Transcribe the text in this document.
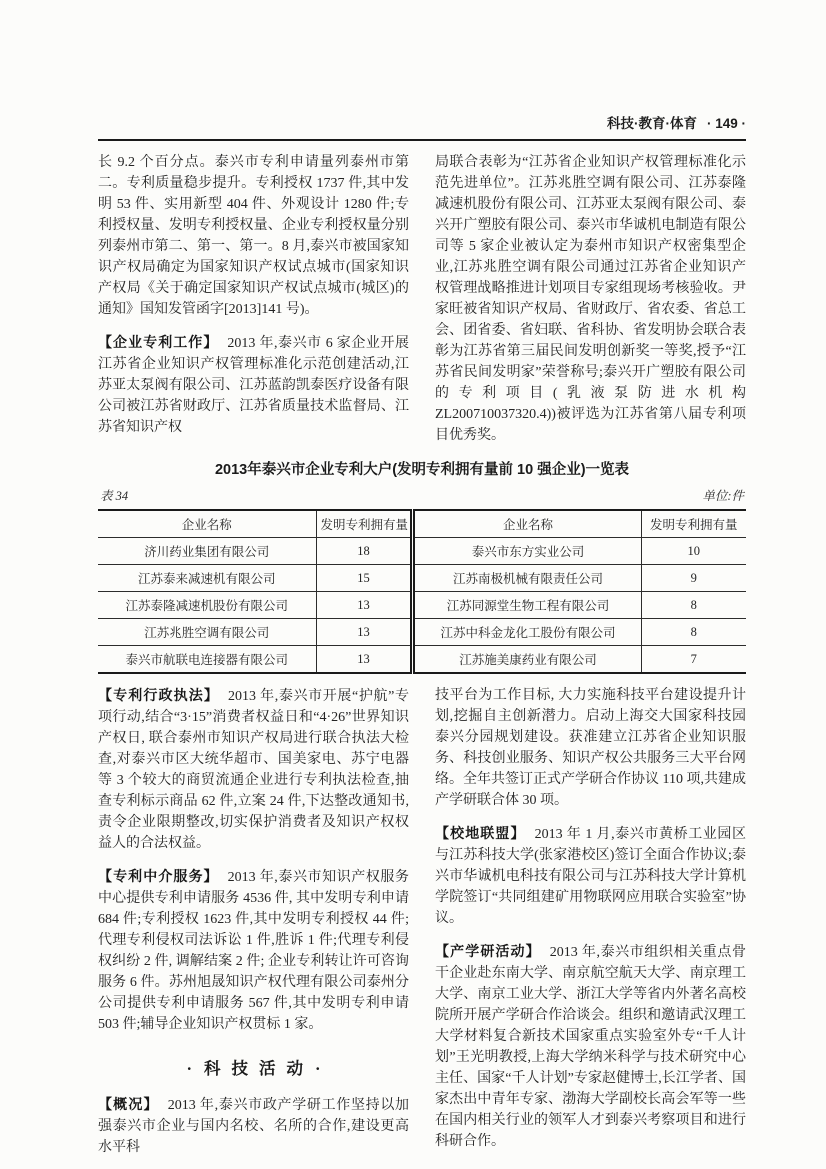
科技·教育·体育 · 149 ·

长 9.2 个百分点。泰兴市专利申请量列泰州市第二。专利质量稳步提升。专利授权 1737 件,其中发明 53 件、实用新型 404 件、外观设计 1280 件;专利授权量、发明专利授权量、企业专利授权量分别列泰州市第二、第一、第一。8 月,泰兴市被国家知识产权局确定为国家知识产权试点城市(国家知识产权局《关于确定国家知识产权试点城市(城区)的通知》国知发管函字[2013]141 号)。

【企业专利工作】 2013 年,泰兴市 6 家企业开展江苏省企业知识产权管理标准化示范创建活动,江苏亚太泵阀有限公司、江苏蓝韵凯泰医疗设备有限公司被江苏省财政厅、江苏省质量技术监督局、江苏省知识产权

局联合表彰为“江苏省企业知识产权管理标准化示范先进单位”。江苏兆胜空调有限公司、江苏泰隆减速机股份有限公司、江苏亚太泵阀有限公司、泰兴开广塑胶有限公司、泰兴市华诚机电制造有限公司等 5 家企业被认定为泰州市知识产权密集型企业,江苏兆胜空调有限公司通过江苏省企业知识产权管理战略推进计划项目专家组现场考核验收。尹家旺被省知识产权局、省财政厅、省农委、省总工会、团省委、省妇联、省科协、省发明协会联合表彰为江苏省第三届民间发明创新奖一等奖,授予“江苏省民间发明家”荣誉称号;泰兴开广塑胶有限公司的专利项目(乳液泵防进水机构 ZL200710037320.4))被评选为江苏省第八届专利项目优秀奖。

2013年泰兴市企业专利大户(发明专利拥有量前 10 强企业)一览表
表 34	单位:件
企业名称	发明专利拥有量	企业名称	发明专利拥有量
济川药业集团有限公司	18	泰兴市东方实业公司	10
江苏泰来减速机有限公司	15	江苏南极机械有限责任公司	9
江苏泰隆减速机股份有限公司	13	江苏同源堂生物工程有限公司	8
江苏兆胜空调有限公司	13	江苏中科金龙化工股份有限公司	8
泰兴市航联电连接器有限公司	13	江苏施美康药业有限公司	7

【专利行政执法】 2013 年,泰兴市开展“护航”专项行动,结合“3·15”消费者权益日和“4·26”世界知识产权日, 联合泰州市知识产权局进行联合执法大检查,对泰兴市区大统华超市、国美家电、苏宁电器等 3 个较大的商贸流通企业进行专利执法检查,抽查专利标示商品 62 件,立案 24 件,下达整改通知书,责令企业限期整改,切实保护消费者及知识产权权益人的合法权益。

【专利中介服务】 2013 年,泰兴市知识产权服务中心提供专利申请服务 4536 件, 其中发明专利申请 684 件;专利授权 1623 件,其中发明专利授权 44 件;代理专利侵权司法诉讼 1 件,胜诉 1 件;代理专利侵权纠纷 2 件, 调解结案 2 件; 企业专利转让许可咨询服务 6 件。苏州旭晟知识产权代理有限公司泰州分公司提供专利申请服务 567 件,其中发明专利申请 503 件;辅导企业知识产权贯标 1 家。

· 科技活动·

【概况】 2013 年,泰兴市政产学研工作坚持以加强泰兴市企业与国内名校、名所的合作,建设更高水平科

技平台为工作目标, 大力实施科技平台建设提升计划,挖掘自主创新潜力。启动上海交大国家科技园泰兴分园规划建设。获准建立江苏省企业知识服务、科技创业服务、知识产权公共服务三大平台网络。全年共签订正式产学研合作协议 110 项,共建成产学研联合体 30 项。

【校地联盟】 2013 年 1 月,泰兴市黄桥工业园区与江苏科技大学(张家港校区)签订全面合作协议;泰兴市华诚机电科技有限公司与江苏科技大学计算机学院签订“共同组建矿用物联网应用联合实验室”协议。

【产学研活动】 2013 年,泰兴市组织相关重点骨干企业赴东南大学、南京航空航天大学、南京理工大学、南京工业大学、浙江大学等省内外著名高校院所开展产学研合作洽谈会。组织和邀请武汉理工大学材料复合新技术国家重点实验室外专“千人计划”王光明教授,上海大学纳米科学与技术研究中心主任、国家“千人计划”专家赵健博士,长江学者、国家杰出中青年专家、渤海大学副校长高会军等一些在国内相关行业的领军人才到泰兴考察项目和进行科研合作。
